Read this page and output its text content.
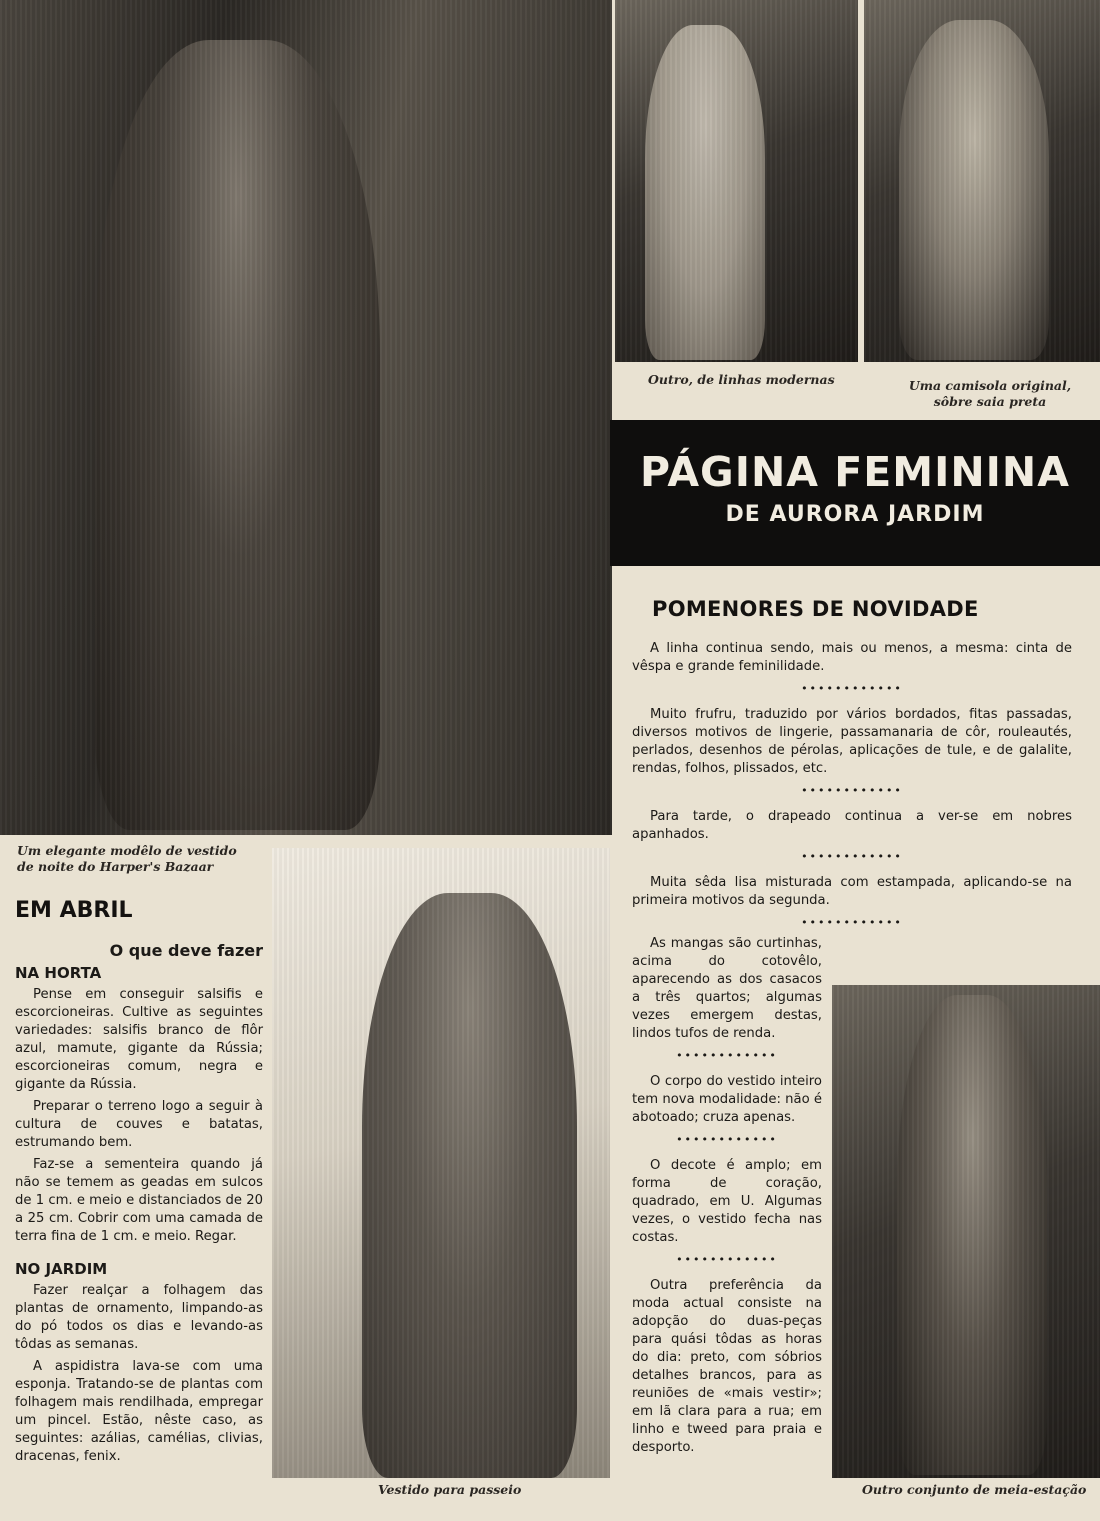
Um elegante modêlo de vestido de noite do Harper's Bazaar

Outro, de linhas modernas	Uma camisola original, sôbre saia preta

Vestido para passeio	Outro conjunto de meia-estação

PÁGINA FEMININA
DE AURORA JARDIM
POMENORES DE NOVIDADE

A linha continua sendo, mais ou menos, a mesma: cinta de vêspa e grande feminilidade.

••••••••••••

Muito frufru, traduzido por vários bordados, fitas passadas, diversos motivos de lingerie, passamanaria de côr, rouleautés, perlados, desenhos de pérolas, aplicações de tule, e de galalite, rendas, folhos, plissados, etc.

••••••••••••

Para tarde, o drapeado continua a ver-se em nobres apanhados.

••••••••••••

Muita sêda lisa misturada com estampada, aplicando-se na primeira motivos da segunda.

••••••••••••

As mangas são curtinhas, acima do cotovêlo, aparecendo as dos casacos a três quartos; algumas vezes emergem destas, lindos tufos de renda.

••••••••••••

O corpo do vestido inteiro tem nova modalidade: não é abotoado; cruza apenas.

••••••••••••

O decote é amplo; em forma de coração, quadrado, em U. Algumas vezes, o vestido fecha nas costas.

••••••••••••

Outra preferência da moda actual consiste na adopção do duas-peças para quási tôdas as horas do dia: preto, com sóbrios detalhes brancos, para as reuniões de «mais vestir»; em lã clara para a rua; em linho e tweed para praia e desporto.

EM ABRIL
O que deve fazer
NA HORTA

Pense em conseguir salsifis e escorcioneiras. Cultive as seguintes variedades: salsifis branco de flôr azul, mamute, gigante da Rússia; escorcioneiras comum, negra e gigante da Rússia.

Preparar o terreno logo a seguir à cultura de couves e batatas, estrumando bem.

Faz-se a sementeira quando já não se temem as geadas em sulcos de 1 cm. e meio e distanciados de 20 a 25 cm. Cobrir com uma camada de terra fina de 1 cm. e meio. Regar.

NO JARDIM

Fazer realçar a folhagem das plantas de ornamento, limpando-as do pó todos os dias e levando-as tôdas as semanas.

A aspidistra lava-se com uma esponja. Tratando-se de plantas com folhagem mais rendilhada, empregar um pincel. Estão, nêste caso, as seguintes: azálias, camélias, clivias, dracenas, fenix.
